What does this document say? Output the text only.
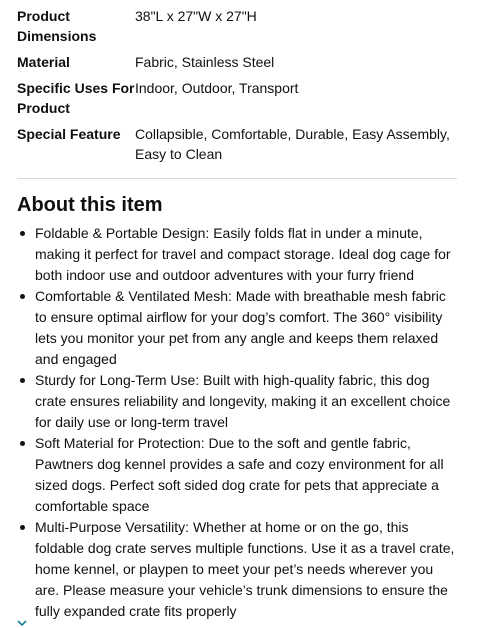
Product Dimensions	38"L x 27"W x 27"H
Material	Fabric, Stainless Steel
Specific Uses For Product	Indoor, Outdoor, Transport
Special Feature	Collapsible, Comfortable, Durable, Easy Assembly, Easy to Clean
About this item
Foldable & Portable Design: Easily folds flat in under a minute, making it perfect for travel and compact storage. Ideal dog cage for both indoor use and outdoor adventures with your furry friend
Comfortable & Ventilated Mesh: Made with breathable mesh fabric to ensure optimal airflow for your dog’s comfort. The 360° visibility lets you monitor your pet from any angle and keeps them relaxed and engaged
Sturdy for Long-Term Use: Built with high-quality fabric, this dog crate ensures reliability and longevity, making it an excellent choice for daily use or long-term travel
Soft Material for Protection: Due to the soft and gentle fabric, Pawtners dog kennel provides a safe and cozy environment for all sized dogs. Perfect soft sided dog crate for pets that appreciate a comfortable space
Multi-Purpose Versatility: Whether at home or on the go, this foldable dog crate serves multiple functions. Use it as a travel crate, home kennel, or playpen to meet your pet’s needs wherever you are. Please measure your vehicle’s trunk dimensions to ensure the fully expanded crate fits properly
